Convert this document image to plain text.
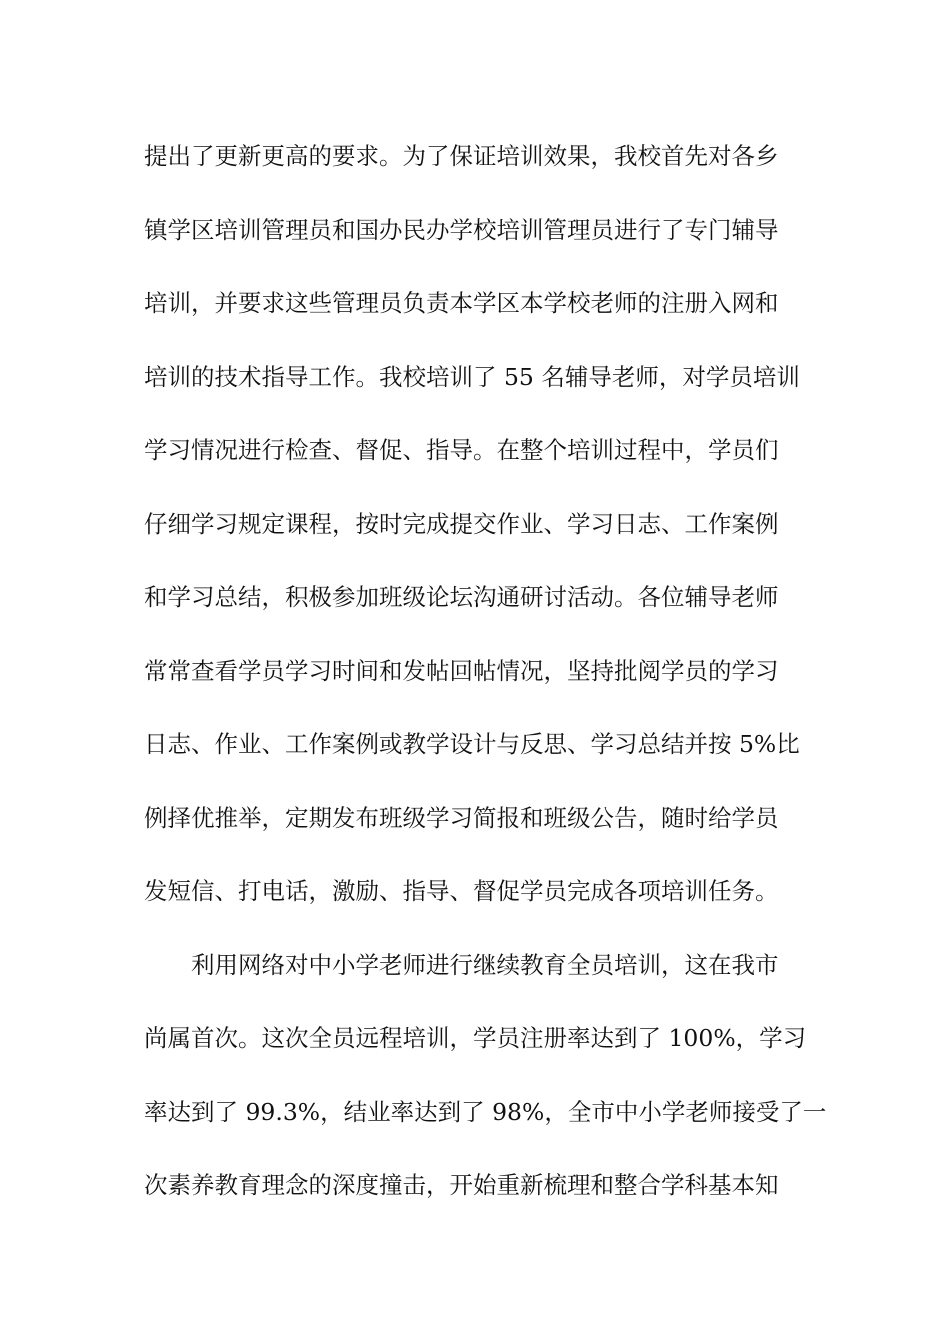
提出了更新更高的要求。为了保证培训效果，我校首先对各乡
镇学区培训管理员和国办民办学校培训管理员进行了专门辅导
培训，并要求这些管理员负责本学区本学校老师的注册入网和
培训的技术指导工作。我校培训了 55 名辅导老师，对学员培训
学习情况进行检查、督促、指导。在整个培训过程中，学员们
仔细学习规定课程，按时完成提交作业、学习日志、工作案例
和学习总结，积极参加班级论坛沟通研讨活动。各位辅导老师
常常查看学员学习时间和发帖回帖情况，坚持批阅学员的学习
日志、作业、工作案例或教学设计与反思、学习总结并按 5%比
例择优推举，定期发布班级学习简报和班级公告，随时给学员
发短信、打电话，激励、指导、督促学员完成各项培训任务。
利用网络对中小学老师进行继续教育全员培训，这在我市
尚属首次。这次全员远程培训，学员注册率达到了 100%，学习
率达到了 99.3%，结业率达到了 98%，全市中小学老师接受了一
次素养教育理念的深度撞击，开始重新梳理和整合学科基本知
